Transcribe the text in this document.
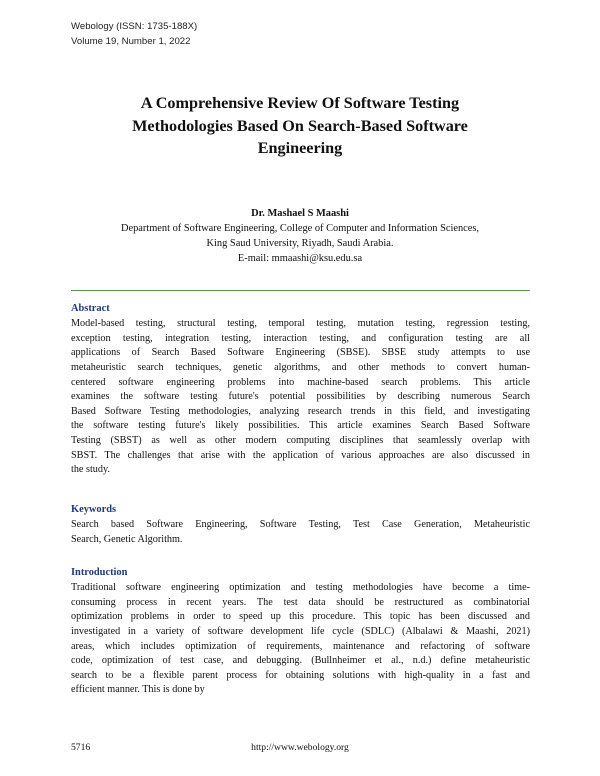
Webology (ISSN: 1735-188X)
Volume 19, Number 1, 2022
A Comprehensive Review Of Software Testing
Methodologies Based On Search-Based Software
Engineering
Dr. Mashael S Maashi
Department of Software Engineering, College of Computer and Information Sciences,
King Saud University, Riyadh, Saudi Arabia.
E-mail: mmaashi@ksu.edu.sa
Abstract
Model-based testing, structural testing, temporal testing, mutation testing, regression testing,
exception testing, integration testing, interaction testing, and configuration testing are all
applications of Search Based Software Engineering (SBSE). SBSE study attempts to use
metaheuristic search techniques, genetic algorithms, and other methods to convert human-
centered software engineering problems into machine-based search problems. This article
examines the software testing future's potential possibilities by describing numerous Search
Based Software Testing methodologies, analyzing research trends in this field, and investigating
the software testing future's likely possibilities. This article examines Search Based Software
Testing (SBST) as well as other modern computing disciplines that seamlessly overlap with
SBST. The challenges that arise with the application of various approaches are also discussed in
the study.
Keywords
Search based Software Engineering, Software Testing, Test Case Generation, Metaheuristic
Search, Genetic Algorithm.
Introduction
Traditional software engineering optimization and testing methodologies have become a time-
consuming process in recent years. The test data should be restructured as combinatorial
optimization problems in order to speed up this procedure. This topic has been discussed and
investigated in a variety of software development life cycle (SDLC) (Albalawi & Maashi, 2021)
areas, which includes optimization of requirements, maintenance and refactoring of software
code, optimization of test case, and debugging. (Bullnheimer et al., n.d.) define metaheuristic
search to be a flexible parent process for obtaining solutions with high-quality in a fast and
efficient manner. This is done by
5716	http://www.webology.org
